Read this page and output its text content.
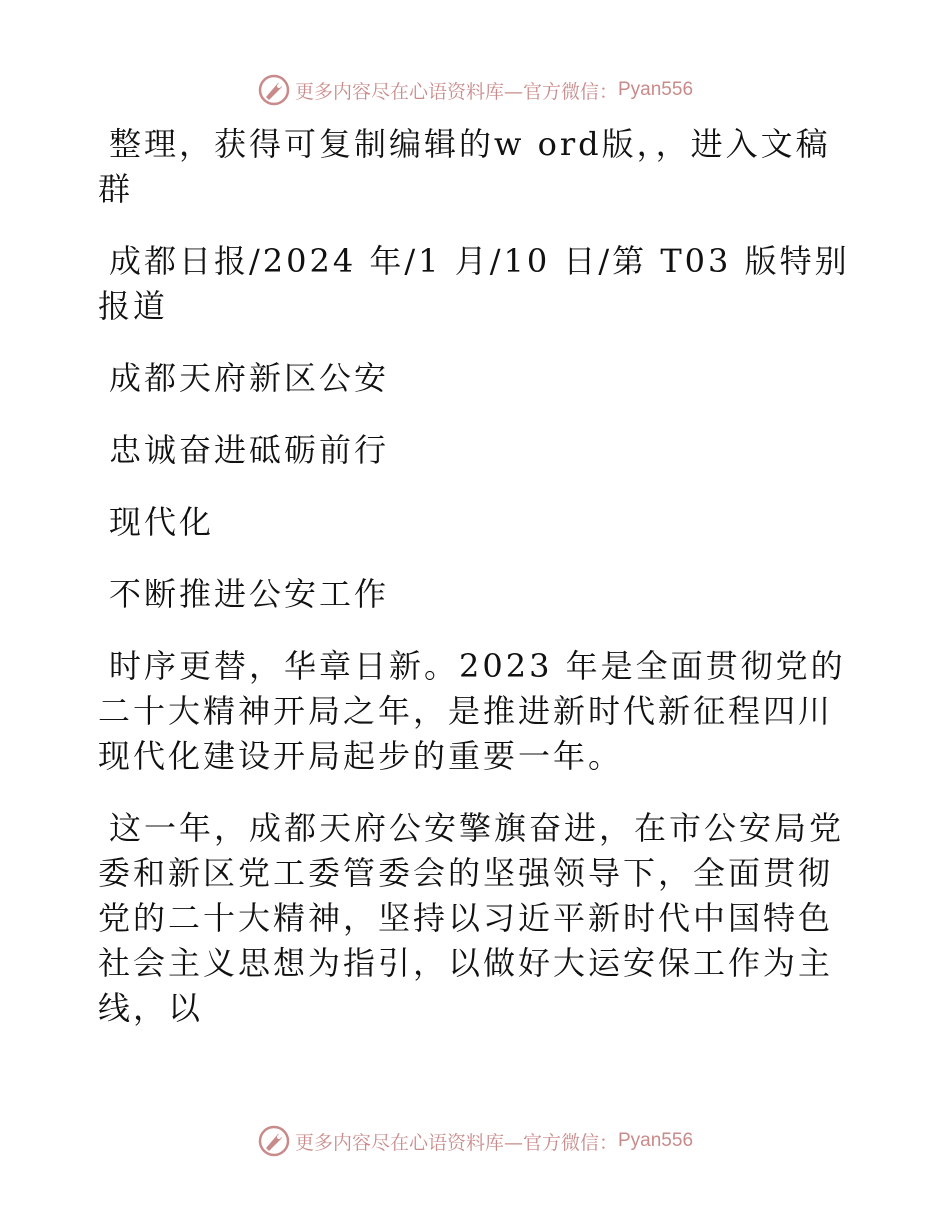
更多内容尽在心语资料库—官方微信： Pyan556

整理，获得可复制编辑的w ord版，，进入文稿群

成都日报/2024 年/1 月/10 日/第 T03 版特别报道

成都天府新区公安

忠诚奋进砥砺前行

现代化

不断推进公安工作

时序更替，华章日新。2023 年是全面贯彻党的二十大精神开局之年，是推进新时代新征程四川现代化建设开局起步的重要一年。

这一年，成都天府公安擎旗奋进，在市公安局党委和新区党工委管委会的坚强领导下，全面贯彻党的二十大精神，坚持以习近平新时代中国特色社会主义思想为指引，以做好大运安保工作为主线，以

更多内容尽在心语资料库—官方微信： Pyan556
